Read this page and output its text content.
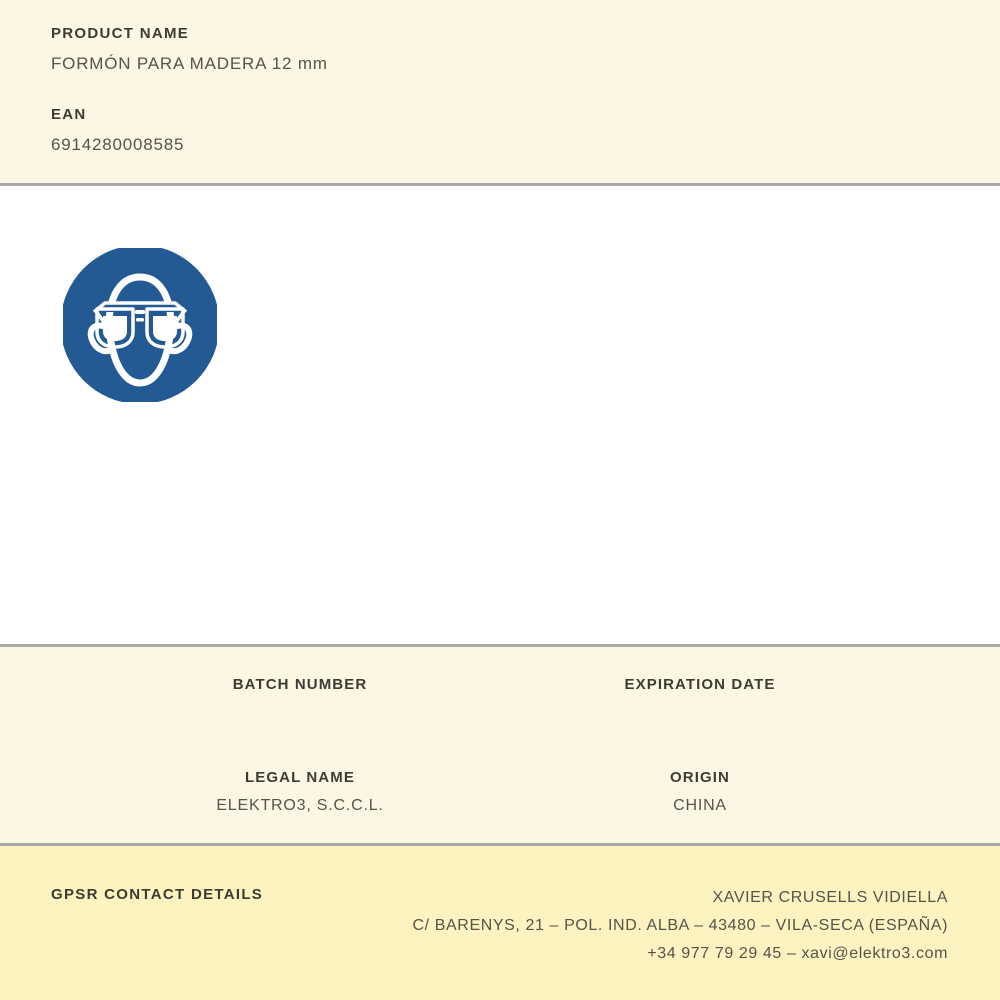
PRODUCT NAME
FORMÓN PARA MADERA 12 mm
EAN
6914280008585
BATCH NUMBER	EXPIRATION DATE
LEGAL NAME
ELEKTRO3, S.C.C.L.
ORIGIN
CHINA
GPSR CONTACT DETAILS	XAVIER CRUSELLS VIDIELLA
C/ BARENYS, 21 – POL. IND. ALBA – 43480 – VILA-SECA (ESPAÑA)
+34 977 79 29 45 – xavi@elektro3.com
